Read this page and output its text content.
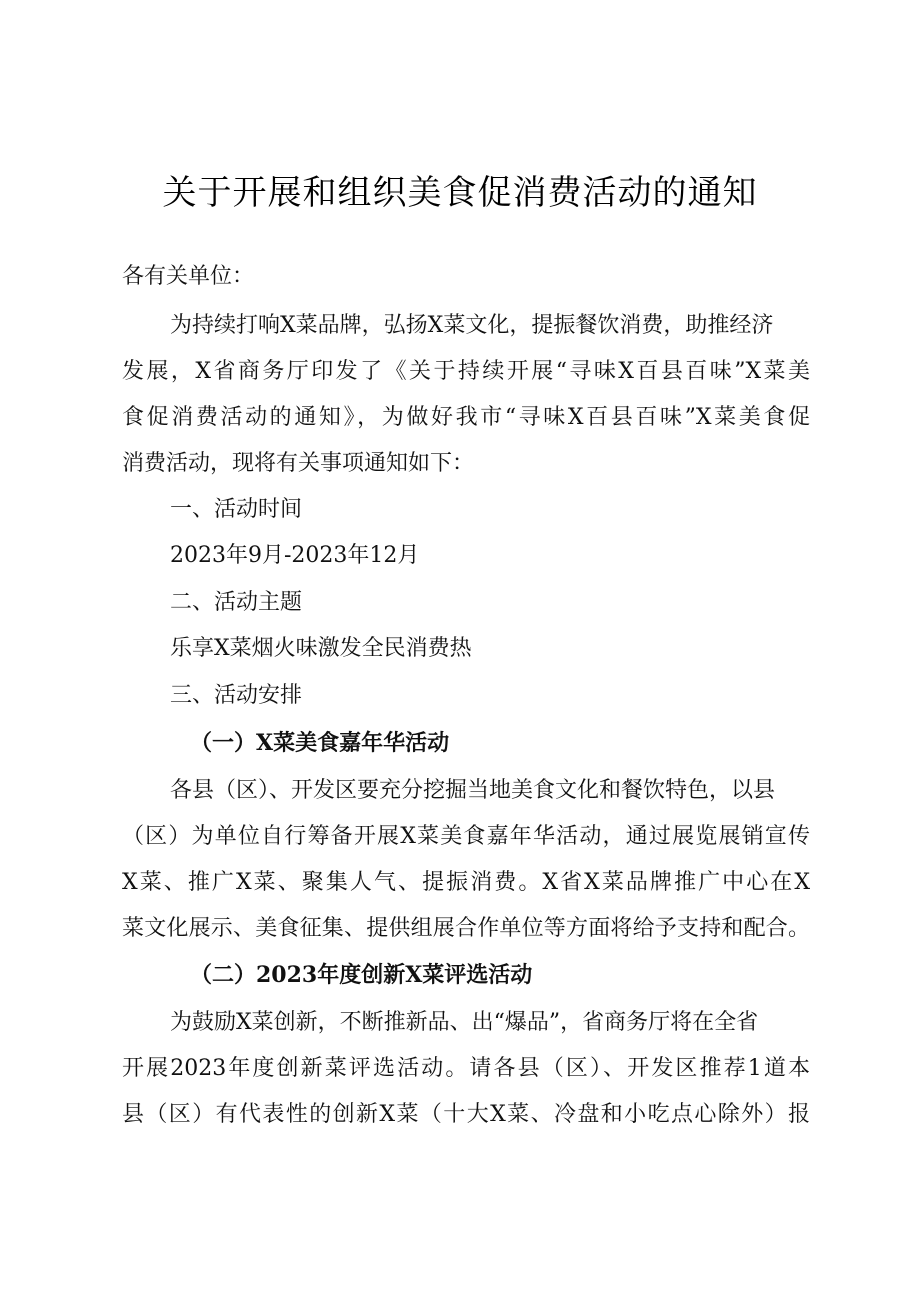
关于开展和组织美食促消费活动的通知
各有关单位：
为持续打响X菜品牌，弘扬X菜文化，提振餐饮消费，助推经济
发展，X省商务厅印发了《关于持续开展“寻味X百县百味”X菜美
食促消费活动的通知》，为做好我市“寻味X百县百味”X菜美食促
消费活动，现将有关事项通知如下：
一、活动时间
2023年9月-2023年12月
二、活动主题
乐享X菜烟火味激发全民消费热
三、活动安排
（一）X菜美食嘉年华活动
各县（区）、开发区要充分挖掘当地美食文化和餐饮特色，以县
（区）为单位自行筹备开展X菜美食嘉年华活动，通过展览展销宣传
X菜、推广X菜、聚集人气、提振消费。X省X菜品牌推广中心在X
菜文化展示、美食征集、提供组展合作单位等方面将给予支持和配合。
（二）2023年度创新X菜评选活动
为鼓励X菜创新，不断推新品、出“爆品”，省商务厅将在全省
开展2023年度创新菜评选活动。请各县（区）、开发区推荐1道本
县（区）有代表性的创新X菜（十大X菜、冷盘和小吃点心除外）报
